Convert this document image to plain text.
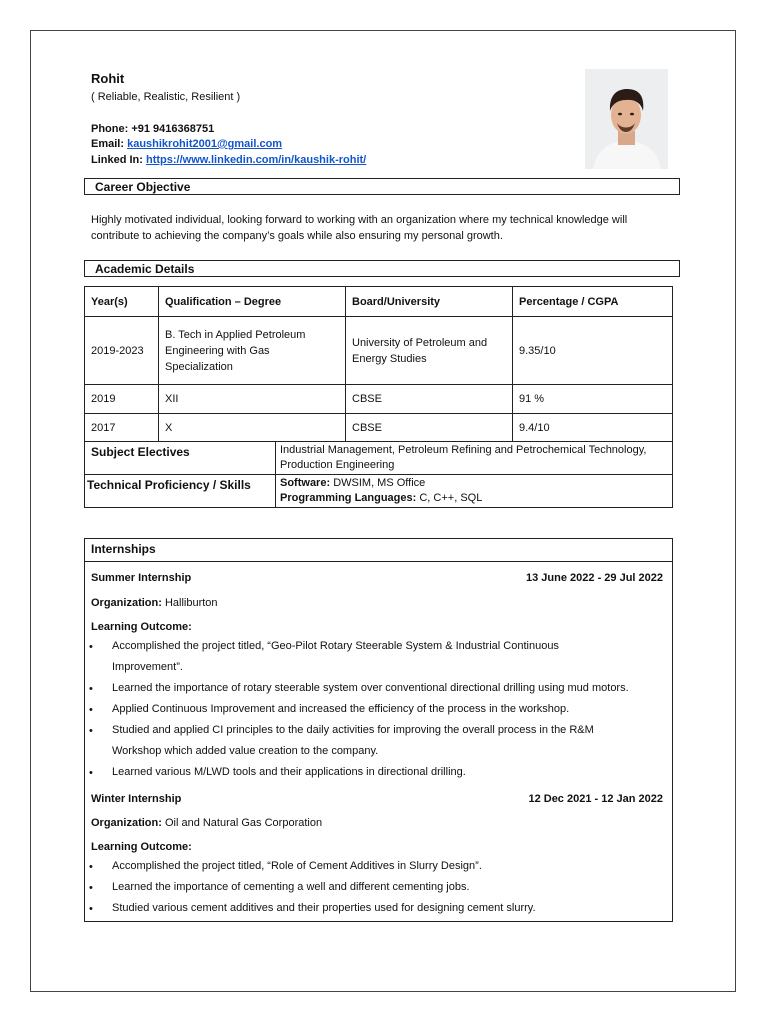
Rohit
( Reliable, Realistic, Resilient )
Phone: +91 9416368751
Email: kaushikrohit2001@gmail.com
Linked In: https://www.linkedin.com/in/kaushik-rohit/
Career Objective
Highly motivated individual, looking forward to working with an organization where my technical knowledge will
contribute to achieving the company’s goals while also ensuring my personal growth.
Academic Details
Year(s)	Qualification – Degree	Board/University	Percentage / CGPA
2019-2023	B. Tech in Applied Petroleum Engineering with Gas Specialization	University of Petroleum and Energy Studies	9.35/10
2019	XII	CBSE	91 %
2017	X	CBSE	9.4/10
Subject Electives	Industrial Management, Petroleum Refining and Petrochemical Technology, Production Engineering
Technical Proficiency / Skills	Software: DWSIM, MS Office
Programming Languages: C, C++, SQL
Internships
Summer Internship	13 June 2022 - 29 Jul 2022
Organization: Halliburton
Learning Outcome:
• Accomplished the project titled, “Geo-Pilot Rotary Steerable System & Industrial Continuous
Improvement”.
• Learned the importance of rotary steerable system over conventional directional drilling using mud motors.
• Applied Continuous Improvement and increased the efficiency of the process in the workshop.
• Studied and applied CI principles to the daily activities for improving the overall process in the R&M
Workshop which added value creation to the company.
• Learned various M/LWD tools and their applications in directional drilling.
Winter Internship	12 Dec 2021 - 12 Jan 2022
Organization: Oil and Natural Gas Corporation
Learning Outcome:
• Accomplished the project titled, “Role of Cement Additives in Slurry Design”.
• Learned the importance of cementing a well and different cementing jobs.
• Studied various cement additives and their properties used for designing cement slurry.
